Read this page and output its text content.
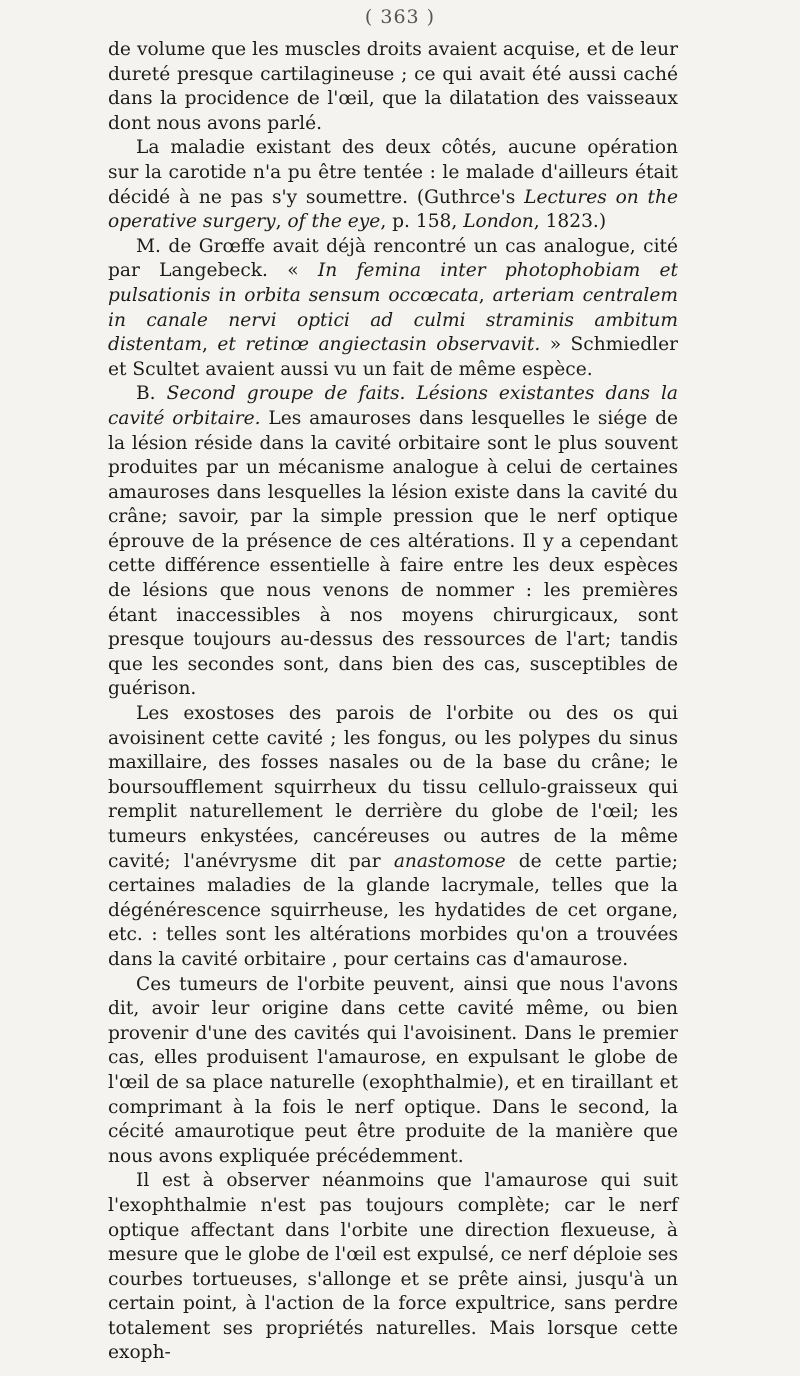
( 363 )

de volume que les muscles droits avaient acquise, et de leur dureté presque cartilagineuse ; ce qui avait été aussi caché dans la procidence de l'œil, que la dilatation des vaisseaux dont nous avons parlé.

La maladie existant des deux côtés, aucune opération sur la carotide n'a pu être tentée : le malade d'ailleurs était décidé à ne pas s'y soumettre. (Guthrce's Lectures on the operative surgery, of the eye, p. 158, London, 1823.)

M. de Grœffe avait déjà rencontré un cas analogue, cité par Langebeck. « In femina inter photophobiam et pulsationis in orbita sensum occœcata, arteriam centralem in canale nervi optici ad culmi straminis ambitum distentam, et retinœ angiectasin observavit. » Schmiedler et Scultet avaient aussi vu un fait de même espèce.

B. Second groupe de faits. Lésions existantes dans la cavité orbitaire. Les amauroses dans lesquelles le siége de la lésion réside dans la cavité orbitaire sont le plus souvent produites par un mécanisme analogue à celui de certaines amauroses dans lesquelles la lésion existe dans la cavité du crâne; savoir, par la simple pression que le nerf optique éprouve de la présence de ces altérations. Il y a cependant cette différence essentielle à faire entre les deux espèces de lésions que nous venons de nommer : les premières étant inaccessibles à nos moyens chirurgicaux, sont presque toujours au-dessus des ressources de l'art; tandis que les secondes sont, dans bien des cas, susceptibles de guérison.

Les exostoses des parois de l'orbite ou des os qui avoisinent cette cavité ; les fongus, ou les polypes du sinus maxillaire, des fosses nasales ou de la base du crâne; le boursoufflement squirrheux du tissu cellulo-graisseux qui remplit naturellement le derrière du globe de l'œil; les tumeurs enkystées, cancéreuses ou autres de la même cavité; l'anévrysme dit par anastomose de cette partie; certaines maladies de la glande lacrymale, telles que la dégénérescence squirrheuse, les hydatides de cet organe, etc. : telles sont les altérations morbides qu'on a trouvées dans la cavité orbitaire , pour certains cas d'amaurose.

Ces tumeurs de l'orbite peuvent, ainsi que nous l'avons dit, avoir leur origine dans cette cavité même, ou bien provenir d'une des cavités qui l'avoisinent. Dans le premier cas, elles produisent l'amaurose, en expulsant le globe de l'œil de sa place naturelle (exophthalmie), et en tiraillant et comprimant à la fois le nerf optique. Dans le second, la cécité amaurotique peut être produite de la manière que nous avons expliquée précédemment.

Il est à observer néanmoins que l'amaurose qui suit l'exophthalmie n'est pas toujours complète; car le nerf optique affectant dans l'orbite une direction flexueuse, à mesure que le globe de l'œil est expulsé, ce nerf déploie ses courbes tortueuses, s'allonge et se prête ainsi, jusqu'à un certain point, à l'action de la force expultrice, sans perdre totalement ses propriétés naturelles. Mais lorsque cette exoph-
